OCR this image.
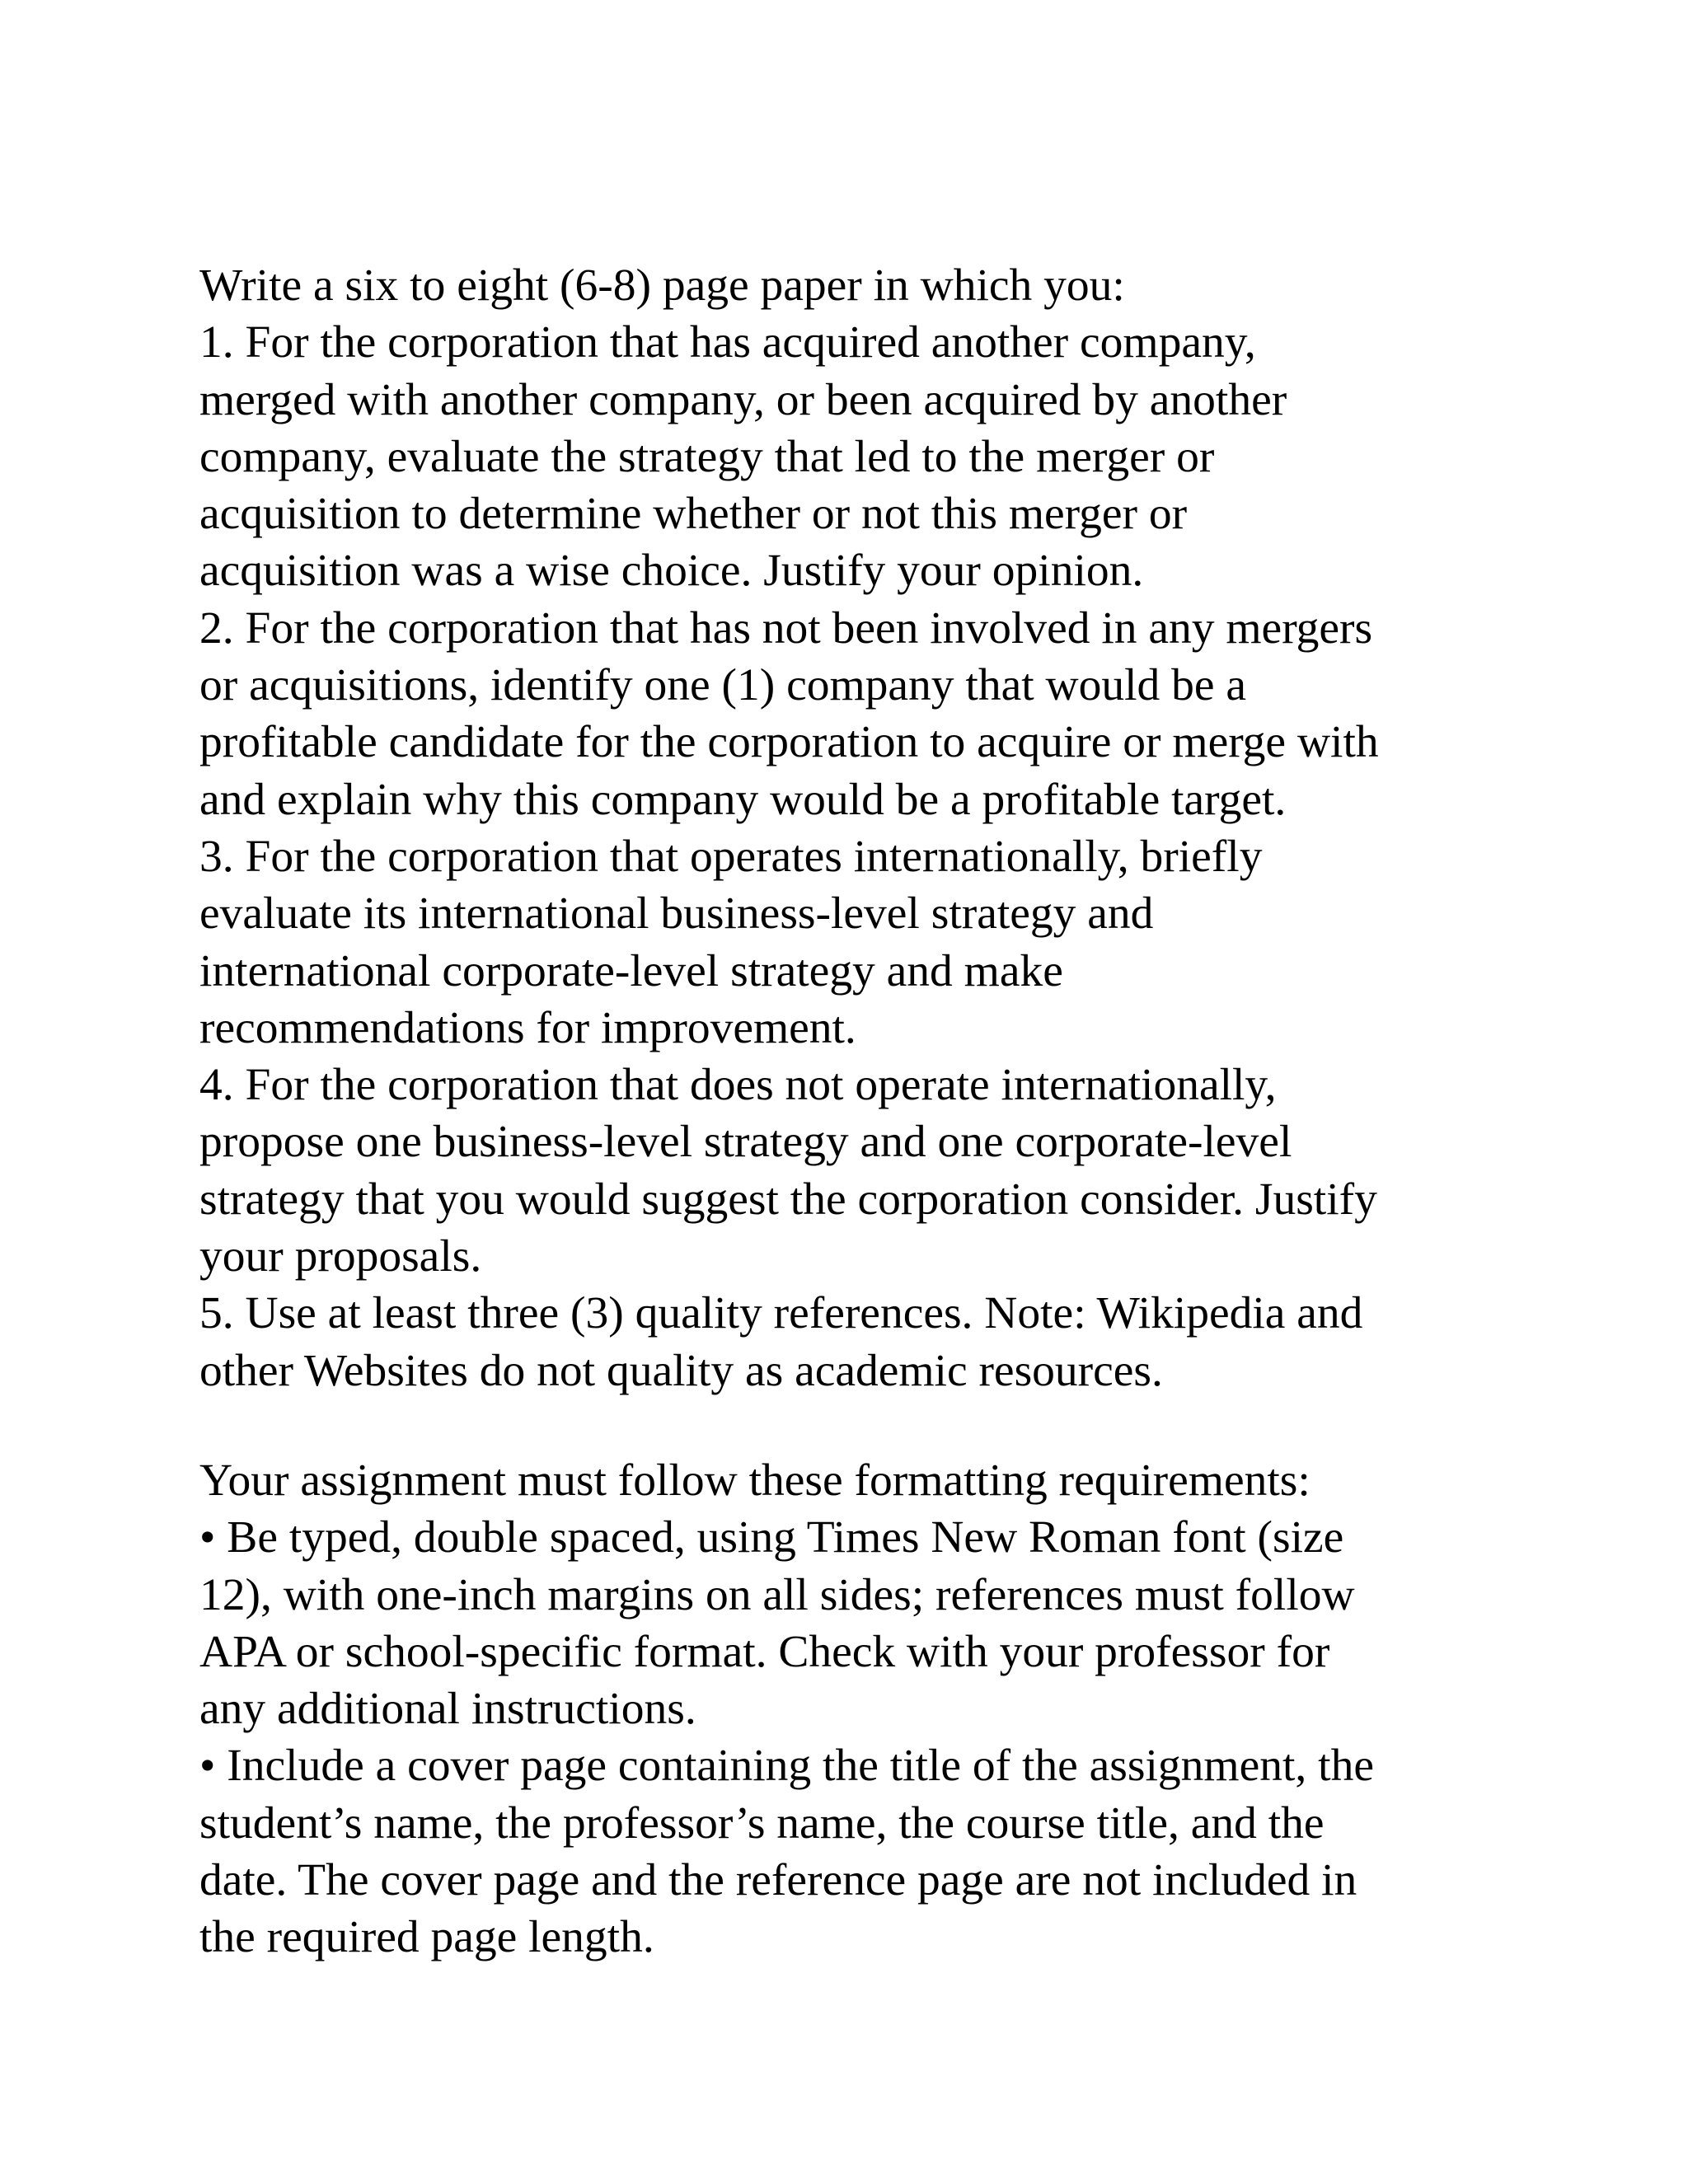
Write a six to eight (6-8) page paper in which you:
1. For the corporation that has acquired another company,
merged with another company, or been acquired by another
company, evaluate the strategy that led to the merger or
acquisition to determine whether or not this merger or
acquisition was a wise choice. Justify your opinion.
2. For the corporation that has not been involved in any mergers
or acquisitions, identify one (1) company that would be a
profitable candidate for the corporation to acquire or merge with
and explain why this company would be a profitable target.
3. For the corporation that operates internationally, briefly
evaluate its international business-level strategy and
international corporate-level strategy and make
recommendations for improvement.
4. For the corporation that does not operate internationally,
propose one business-level strategy and one corporate-level
strategy that you would suggest the corporation consider. Justify
your proposals.
5. Use at least three (3) quality references. Note: Wikipedia and
other Websites do not quality as academic resources.
Your assignment must follow these formatting requirements:
• Be typed, double spaced, using Times New Roman font (size
12), with one-inch margins on all sides; references must follow
APA or school-specific format. Check with your professor for
any additional instructions.
• Include a cover page containing the title of the assignment, the
student’s name, the professor’s name, the course title, and the
date. The cover page and the reference page are not included in
the required page length.
